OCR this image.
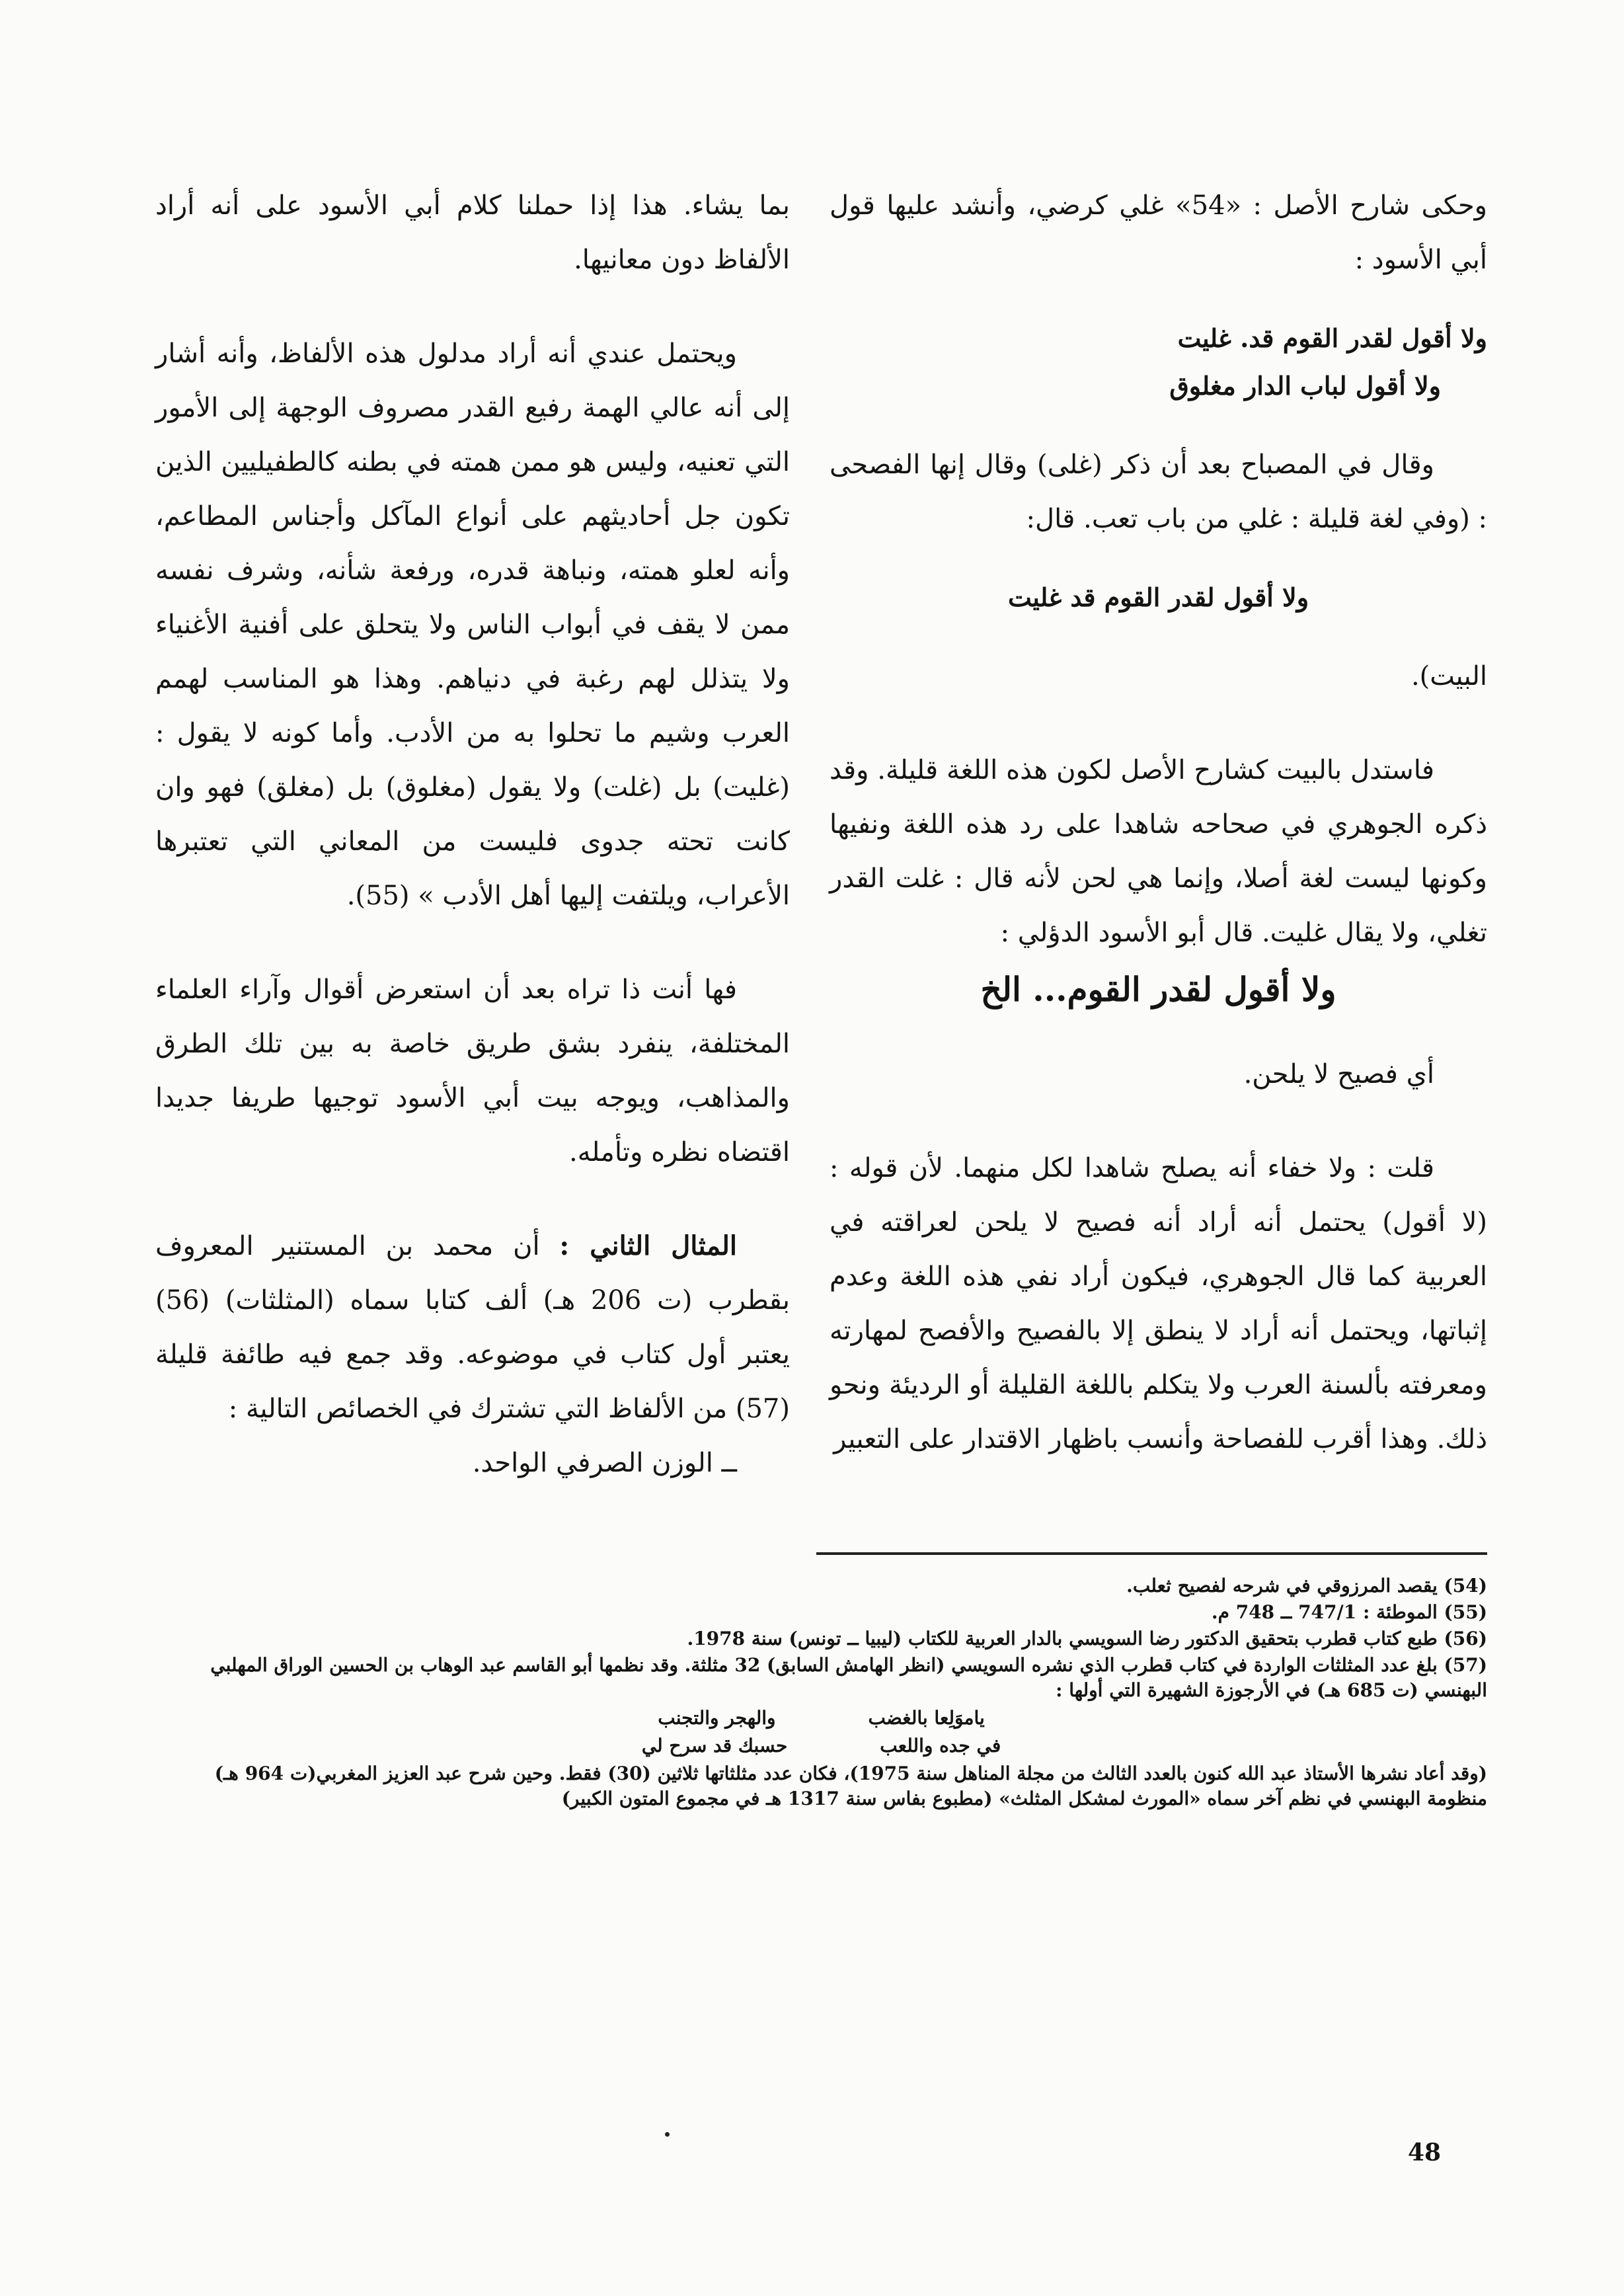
وحكى شارح الأصل : «54» غلي كرضي، وأنشد عليها قول أبي الأسود :

ولا أقول لقدر القوم قد. غليت

ولا أقول لباب الدار مغلوق

وقال في المصباح بعد أن ذكر (غلى) وقال إنها الفصحى : (وفي لغة قليلة : غلي من باب تعب. قال:

ولا أقول لقدر القوم قد غليت

البيت).

فاستدل بالبيت كشارح الأصل لكون هذه اللغة قليلة. وقد ذكره الجوهري في صحاحه شاهدا على رد هذه اللغة ونفيها وكونها ليست لغة أصلا، وإنما هي لحن لأنه قال : غلت القدر تغلي، ولا يقال غليت. قال أبو الأسود الدؤلي :

ولا أقول لقدر القوم... الخ

أي فصيح لا يلحن.

قلت : ولا خفاء أنه يصلح شاهدا لكل منهما. لأن قوله : (لا أقول) يحتمل أنه أراد أنه فصيح لا يلحن لعراقته في العربية كما قال الجوهري، فيكون أراد نفي هذه اللغة وعدم إثباتها، ويحتمل أنه أراد لا ينطق إلا بالفصيح والأفصح لمهارته ومعرفته بألسنة العرب ولا يتكلم باللغة القليلة أو الرديئة ونحو ذلك. وهذا أقرب للفصاحة وأنسب باظهار الاقتدار على التعبير

بما يشاء. هذا إذا حملنا كلام أبي الأسود على أنه أراد الألفاظ دون معانيها.

ويحتمل عندي أنه أراد مدلول هذه الألفاظ، وأنه أشار إلى أنه عالي الهمة رفيع القدر مصروف الوجهة إلى الأمور التي تعنيه، وليس هو ممن همته في بطنه كالطفيليين الذين تكون جل أحاديثهم على أنواع المآكل وأجناس المطاعم، وأنه لعلو همته، ونباهة قدره، ورفعة شأنه، وشرف نفسه ممن لا يقف في أبواب الناس ولا يتحلق على أفنية الأغنياء ولا يتذلل لهم رغبة في دنياهم. وهذا هو المناسب لهمم العرب وشيم ما تحلوا به من الأدب. وأما كونه لا يقول : (غليت) بل (غلت) ولا يقول (مغلوق) بل (مغلق) فهو وان كانت تحته جدوى فليست من المعاني التي تعتبرها الأعراب، ويلتفت إليها أهل الأدب » (55).

فها أنت ذا تراه بعد أن استعرض أقوال وآراء العلماء المختلفة، ينفرد بشق طريق خاصة به بين تلك الطرق والمذاهب، ويوجه بيت أبي الأسود توجيها طريفا جديدا اقتضاه نظره وتأمله.

المثال الثاني : أن محمد بن المستنير المعروف بقطرب (ت 206 هـ) ألف كتابا سماه (المثلثات) (56) يعتبر أول كتاب في موضوعه. وقد جمع فيه طائفة قليلة (57) من الألفاظ التي تشترك في الخصائص التالية :

ــ الوزن الصرفي الواحد.

(54) يقصد المرزوقي في شرحه لفصيح ثعلب.

(55) الموطئة : 747/1 ــ 748 م.

(56) طبع كتاب قطرب بتحقيق الدكتور رضا السويسي بالدار العربية للكتاب (ليبيا ــ تونس) سنة 1978.

(57) بلغ عدد المثلثات الواردة في كتاب قطرب الذي نشره السويسي (انظر الهامش السابق) 32 مثلثة. وقد نظمها أبو القاسم عبد الوهاب بن الحسين الوراق المهلبي البهنسي (ت 685 هـ) في الأرجوزة الشهيرة التي أولها :

ياموَلِعا بالغضب
والهجر والتجنب
في جده واللعب
حسبك قد سرح لي

(وقد أعاد نشرها الأستاذ عبد الله كنون بالعدد الثالث من مجلة المناهل سنة 1975)، فكان عدد مثلثاتها ثلاثين (30) فقط. وحين شرح عبد العزيز المغربي(ت 964 هـ) منظومة البهنسي في نظم آخر سماه «المورث لمشكل المثلث» (مطبوع بفاس سنة 1317 هـ في مجموع المتون الكبير)

48
